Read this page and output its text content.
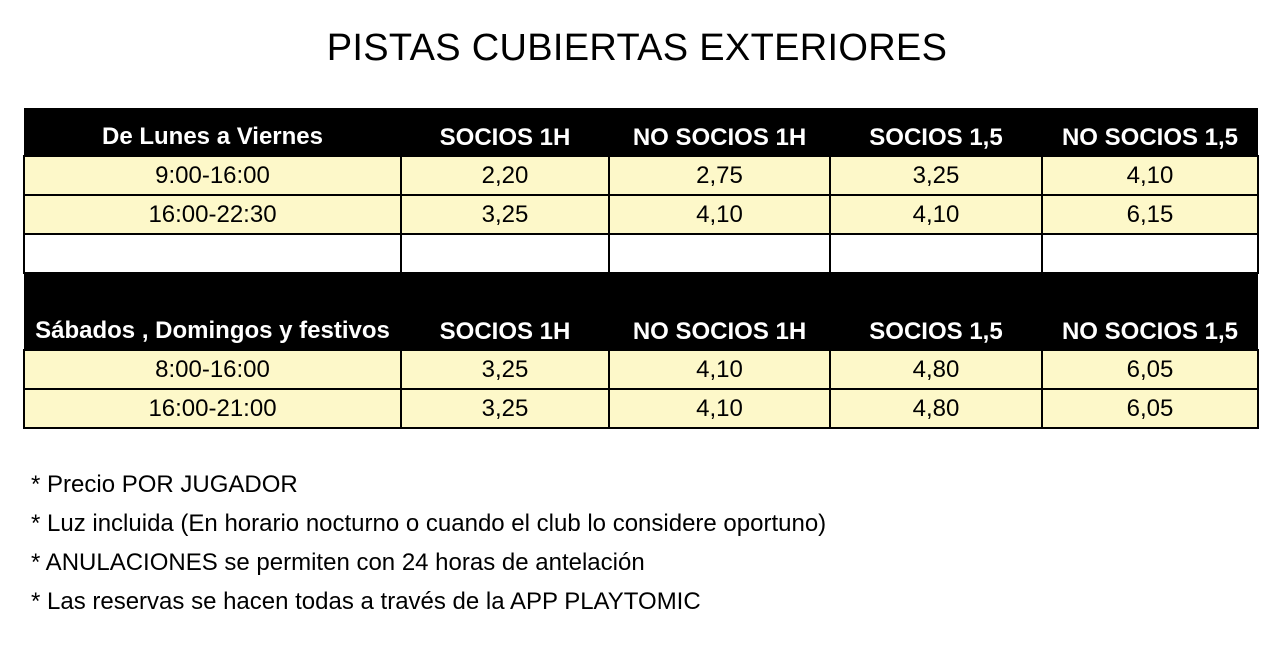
PISTAS CUBIERTAS EXTERIORES
De Lunes a Viernes	SOCIOS 1H	NO SOCIOS 1H	SOCIOS 1,5	NO SOCIOS 1,5
9:00-16:00	2,20	2,75	3,25	4,10
16:00-22:30	3,25	4,10	4,10	6,15

Sábados , Domingos y festivos	SOCIOS 1H	NO SOCIOS 1H	SOCIOS 1,5	NO SOCIOS 1,5
8:00-16:00	3,25	4,10	4,80	6,05
16:00-21:00	3,25	4,10	4,80	6,05
* Precio POR JUGADOR
* Luz incluida (En horario nocturno o cuando el club lo considere oportuno)
* ANULACIONES se permiten con 24 horas de antelación
* Las reservas se hacen todas a través de la APP PLAYTOMIC
